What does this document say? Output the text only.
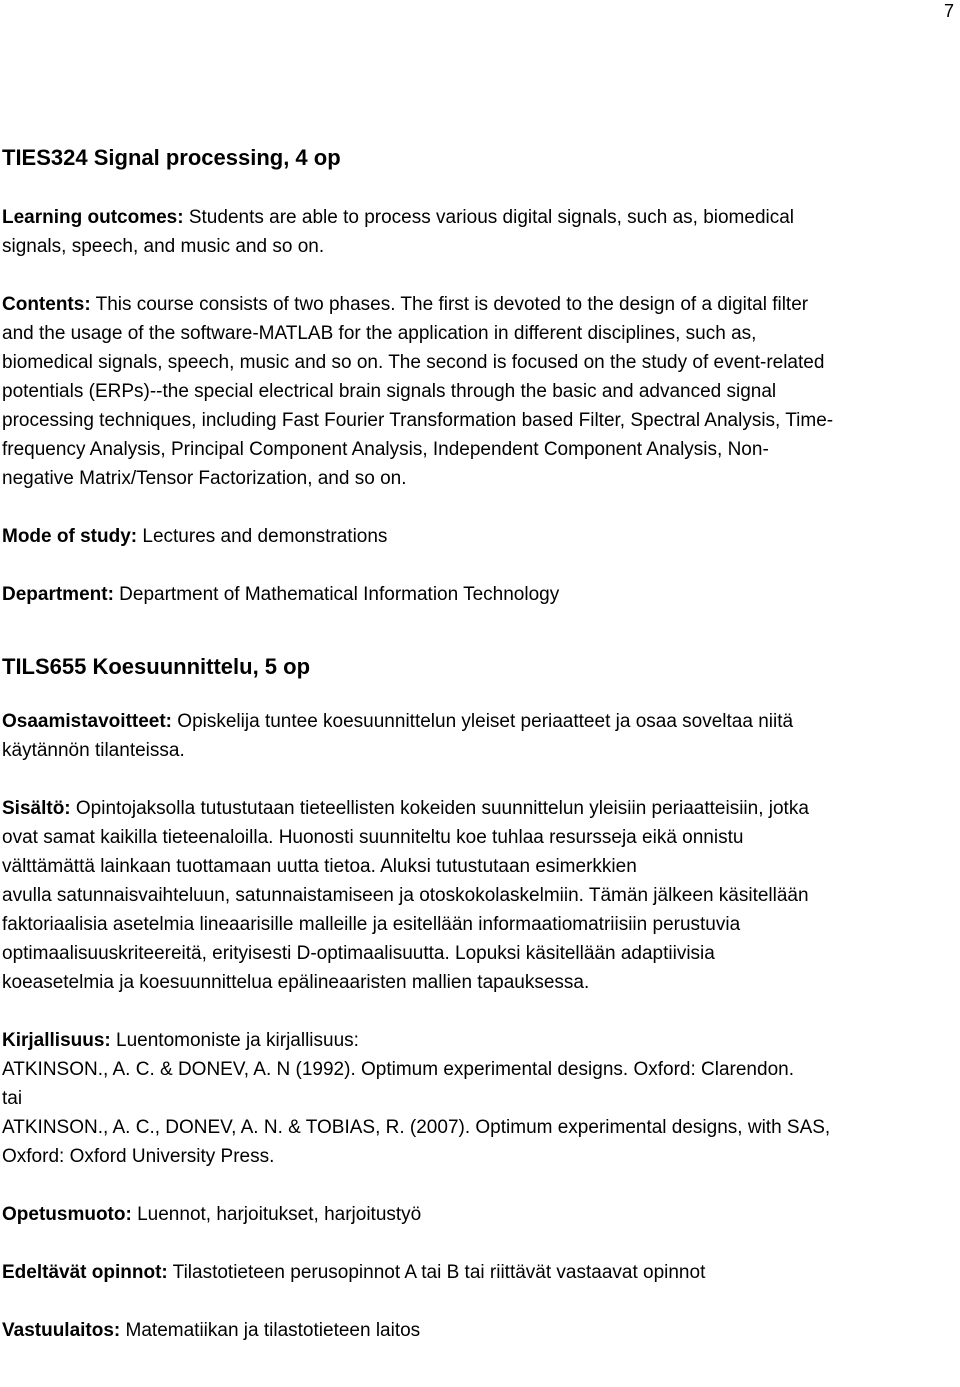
7
TIES324 Signal processing, 4 op

Learning outcomes: Students are able to process various digital signals, such as, biomedical
signals, speech, and music and so on.

Contents: This course consists of two phases. The first is devoted to the design of a digital filter
and the usage of the software-MATLAB for the application in different disciplines, such as,
biomedical signals, speech, music and so on. The second is focused on the study of event-related
potentials (ERPs)--the special electrical brain signals through the basic and advanced signal
processing techniques, including Fast Fourier Transformation based Filter, Spectral Analysis, Time-
frequency Analysis, Principal Component Analysis, Independent Component Analysis, Non-
negative Matrix/Tensor Factorization, and so on.

Mode of study: Lectures and demonstrations

Department: Department of Mathematical Information Technology

TILS655 Koesuunnittelu, 5 op

Osaamistavoitteet: Opiskelija tuntee koesuunnittelun yleiset periaatteet ja osaa soveltaa niitä
käytännön tilanteissa.

Sisältö: Opintojaksolla tutustutaan tieteellisten kokeiden suunnittelun yleisiin periaatteisiin, jotka
ovat samat kaikilla tieteenaloilla. Huonosti suunniteltu koe tuhlaa resursseja eikä onnistu
välttämättä lainkaan tuottamaan uutta tietoa. Aluksi tutustutaan esimerkkien
avulla satunnaisvaihteluun, satunnaistamiseen ja otoskokolaskelmiin. Tämän jälkeen käsitellään
faktoriaalisia asetelmia lineaarisille malleille ja esitellään informaatiomatriisiin perustuvia
optimaalisuuskriteereitä, erityisesti D-optimaalisuutta. Lopuksi käsitellään adaptiivisia
koeasetelmia ja koesuunnittelua epälineaaristen mallien tapauksessa.

Kirjallisuus: Luentomoniste ja kirjallisuus:
ATKINSON., A. C. & DONEV, A. N (1992). Optimum experimental designs. Oxford: Clarendon.
tai
ATKINSON., A. C., DONEV, A. N. & TOBIAS, R. (2007). Optimum experimental designs, with SAS,
Oxford: Oxford University Press.

Opetusmuoto: Luennot, harjoitukset, harjoitustyö

Edeltävät opinnot: Tilastotieteen perusopinnot A tai B tai riittävät vastaavat opinnot

Vastuulaitos: Matematiikan ja tilastotieteen laitos
